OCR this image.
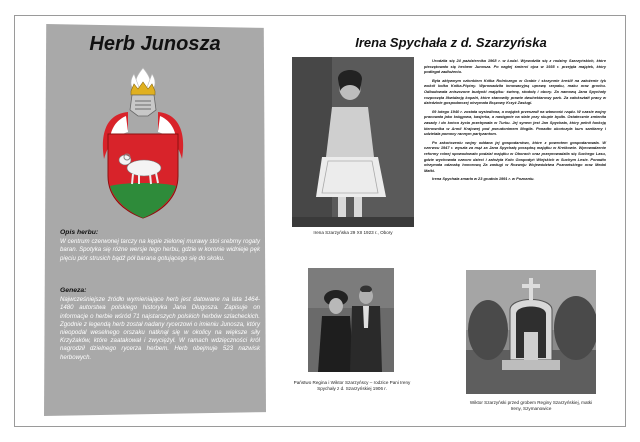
Herb Junosza
Opis herbu:
W centrum czerwonej tarczy na kępie zielonej murawy stoi srebrny rogaty baran. Spotyka się różne wersje tego herbu, gdzie w koronie widnieje pęk pięciu piór strusich bądź pół barana gotującego się do skoku.
Geneza:
Najwcześniejsze źródło wymieniające herb jest datowane na lata 1464-1480 autorstwa polskiego historyka Jana Długosza. Zapisuje on informacje o herbie wśród 71 najstarszych polskich herbów szlacheckich. Zgodnie z legendą herb został nadany rycerzowi o imieniu Junosza, który nieopodal weselnego orszaku natknął się w okolicy na większe siły Krzyżaków, które zaatakował i zwyciężył. W ramach wdzięczności król nagrodził dzielnego rycerza herbem. Herb obejmuje 523 nazwisk herbowych.
Irena Spychała z d. Szarzyńska
Irena Szarzyńska 29 XII 1923 r., Obory

Urodziła się 24 października 1968 r. w Łodzi. Wywodziła się z rodziny Szarzyńskich, które pieczętowało się herbem Junosza. Po nagłej śmierci ojca w 1935 r. przejęła majątek, który podlegał zadłużeniu.

Była aktywnym członkiem Kółka Rolniczego w Grabie i skrzynnie kreślił na założenie tyk wokół kołka Kołka-Pięćny. Wprowadziła innowacyjną uprawę rzepaku, maku oraz grochu. Odbudowała zniszczone budynki majątku: świrnę, stodołę i obory. Za namową Jana Spychały rozpoczęła likwidację kopalń, które stanowiły prawie dwuhektarowy park. Za całokształt pracy w dziedzinie gospodarczej otrzymała Brązowy Krzyż Zasługi.

09 lutego 1940 r. została wysiedlona, a majątek przeszedł na własność rządu. W czasie wojny pracowała jako księgowa, kasjerka, a następnie na stale przy skupie bydła. Ostatecznie zmieniła zasady i do końca życia przebywała w Turku. Jej synem jest Jan Spychała, który pełnił funkcję kierownika w Armii Krajowej pod pseudonimem Mogiła. Ponadto ukończyła kurs sanitarny i udzielała pomocy rannym partyzantom.

Po zakończeniu wojny oddana jej gospodarstwo, które z powrotem gospodarowała. W czerwcu 1947 r. wyszła za mąż za Jana Spychałę porządną majątku w Kretkowie. Wprowadzenie reformy rolnej spowodowało podział majątku w Oborach oraz przeprowadziła się Suchego Lasu, gdzie wychowała czworo dzieci i założyła Koło Gospodyń Wiejskich w Suchym Lesie. Ponadto otrzymała odznakę honorową Za zasługi w Rozwoju Województwa Poznańskiego oraz Medal Matki.

Irena Spychała zmarła w 23 grudnia 1991 r. w Poznaniu.

Państwo Regina i Wiktor Szarzyńscy – rodzice Pani Ireny Spychały z d. Szarzyńskiej 1906 r.
Wiktor Szarzyński przed grobem Reginy Szarzyńskiej, matki Ireny, Szymanowice
